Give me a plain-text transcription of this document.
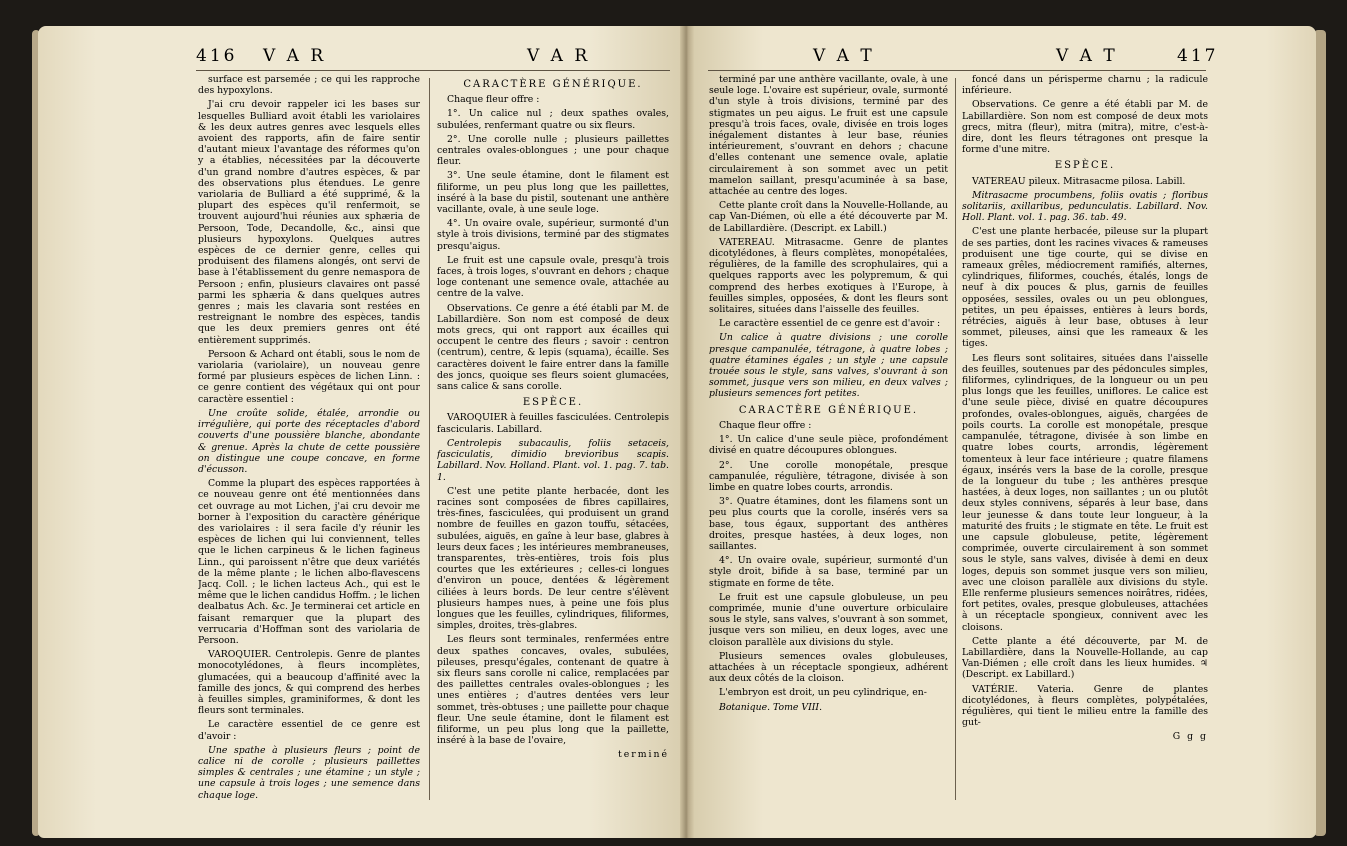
416 V A R	V A R

surface est parsemée ; ce qui les rapproche des hypoxylons.

J'ai cru devoir rappeler ici les bases sur lesquelles Bulliard avoit établi les variolaires & les deux autres genres avec lesquels elles avoient des rapports, afin de faire sentir d'autant mieux l'avantage des réformes qu'on y a établies, nécessitées par la découverte d'un grand nombre d'autres espèces, & par des observations plus étendues. Le genre variolaria de Bulliard a été supprimé, & la plupart des espèces qu'il renfermoit, se trouvent aujourd'hui réunies aux sphæria de Persoon, Tode, Decandolle, &c., ainsi que plusieurs hypoxylons. Quelques autres espèces de ce dernier genre, celles qui produisent des filamens alongés, ont servi de base à l'établissement du genre nemaspora de Persoon ; enfin, plusieurs clavaires ont passé parmi les sphæria & dans quelques autres genres ; mais les clavaria sont restées en restreignant le nombre des espèces, tandis que les deux premiers genres ont été entièrement supprimés.

Persoon & Achard ont établi, sous le nom de variolaria (variolaire), un nouveau genre formé par plusieurs espèces de lichen Linn. : ce genre contient des végétaux qui ont pour caractère essentiel :

Une croûte solide, étalée, arrondie ou irrégulière, qui porte des réceptacles d'abord couverts d'une poussière blanche, abondante & grenue. Après la chute de cette poussière on distingue une coupe concave, en forme d'écusson.

Comme la plupart des espèces rapportées à ce nouveau genre ont été mentionnées dans cet ouvrage au mot Lichen, j'ai cru devoir me borner à l'exposition du caractère générique des variolaires : il sera facile d'y réunir les espèces de lichen qui lui conviennent, telles que le lichen carpineus & le lichen fagineus Linn., qui paroissent n'être que deux variétés de la même plante ; le lichen albo-flavescens Jacq. Coll. ; le lichen lacteus Ach., qui est le même que le lichen candidus Hoffm. ; le lichen dealbatus Ach. &c. Je terminerai cet article en faisant remarquer que la plupart des verrucaria d'Hoffman sont des variolaria de Persoon.

VAROQUIER. Centrolepis. Genre de plantes monocotylédones, à fleurs incomplètes, glumacées, qui a beaucoup d'affinité avec la famille des joncs, & qui comprend des herbes à feuilles simples, graminiformes, & dont les fleurs sont terminales.

Le caractère essentiel de ce genre est d'avoir :

Une spathe à plusieurs fleurs ; point de calice ni de corolle ; plusieurs paillettes simples & centrales ; une étamine ; un style ; une capsule à trois loges ; une semence dans chaque loge.

CARACTÈRE GÉNÉRIQUE.

Chaque fleur offre :

1°. Un calice nul ; deux spathes ovales, subulées, renfermant quatre ou six fleurs.

2°. Une corolle nulle ; plusieurs paillettes centrales ovales-oblongues ; une pour chaque fleur.

3°. Une seule étamine, dont le filament est filiforme, un peu plus long que les paillettes, inséré à la base du pistil, soutenant une anthère vacillante, ovale, à une seule loge.

4°. Un ovaire ovale, supérieur, surmonté d'un style à trois divisions, terminé par des stigmates presqu'aigus.

Le fruit est une capsule ovale, presqu'à trois faces, à trois loges, s'ouvrant en dehors ; chaque loge contenant une semence ovale, attachée au centre de la valve.

Observations. Ce genre a été établi par M. de Labillardière. Son nom est composé de deux mots grecs, qui ont rapport aux écailles qui occupent le centre des fleurs ; savoir : centron (centrum), centre, & lepis (squama), écaille. Ses caractères doivent le faire entrer dans la famille des joncs, quoique ses fleurs soient glumacées, sans calice & sans corolle.

ESPÈCE.

VAROQUIER à feuilles fasciculées. Centrolepis fascicularis. Labillard.

Centrolepis subacaulis, foliis setaceis, fasciculatis, dimidio brevioribus scapis. Labillard. Nov. Holland. Plant. vol. 1. pag. 7. tab. 1.

C'est une petite plante herbacée, dont les racines sont composées de fibres capillaires, très-fines, fasciculées, qui produisent un grand nombre de feuilles en gazon touffu, sétacées, subulées, aiguës, en gaîne à leur base, glabres à leurs deux faces ; les intérieures membraneuses, transparentes, très-entières, trois fois plus courtes que les extérieures ; celles-ci longues d'environ un pouce, dentées & légèrement ciliées à leurs bords. De leur centre s'élèvent plusieurs hampes nues, à peine une fois plus longues que les feuilles, cylindriques, filiformes, simples, droites, très-glabres.

Les fleurs sont terminales, renfermées entre deux spathes concaves, ovales, subulées, pileuses, presqu'égales, contenant de quatre à six fleurs sans corolle ni calice, remplacées par des paillettes centrales ovales-oblongues ; les unes entières ; d'autres dentées vers leur sommet, très-obtuses ; une paillette pour chaque fleur. Une seule étamine, dont le filament est filiforme, un peu plus long que la paillette, inséré à la base de l'ovaire,

terminé

V A T	V A T	417

terminé par une anthère vacillante, ovale, à une seule loge. L'ovaire est supérieur, ovale, surmonté d'un style à trois divisions, terminé par des stigmates un peu aigus. Le fruit est une capsule presqu'à trois faces, ovale, divisée en trois loges inégalement distantes à leur base, réunies intérieurement, s'ouvrant en dehors ; chacune d'elles contenant une semence ovale, aplatie circulairement à son sommet avec un petit mamelon saillant, presqu'acuminée à sa base, attachée au centre des loges.

Cette plante croît dans la Nouvelle-Hollande, au cap Van-Diémen, où elle a été découverte par M. de Labillardière. (Descript. ex Labill.)

VATEREAU. Mitrasacme. Genre de plantes dicotylédones, à fleurs complètes, monopétalées, régulières, de la famille des scrophulaires, qui a quelques rapports avec les polypremum, & qui comprend des herbes exotiques à l'Europe, à feuilles simples, opposées, & dont les fleurs sont solitaires, situées dans l'aisselle des feuilles.

Le caractère essentiel de ce genre est d'avoir :

Un calice à quatre divisions ; une corolle presque campanulée, tétragone, à quatre lobes ; quatre étamines égales ; un style ; une capsule trouée sous le style, sans valves, s'ouvrant à son sommet, jusque vers son milieu, en deux valves ; plusieurs semences fort petites.

CARACTÈRE GÉNÉRIQUE.

Chaque fleur offre :

1°. Un calice d'une seule pièce, profondément divisé en quatre découpures oblongues.

2°. Une corolle monopétale, presque campanulée, régulière, tétragone, divisée à son limbe en quatre lobes courts, arrondis.

3°. Quatre étamines, dont les filamens sont un peu plus courts que la corolle, insérés vers sa base, tous égaux, supportant des anthères droites, presque hastées, à deux loges, non saillantes.

4°. Un ovaire ovale, supérieur, surmonté d'un style droit, bifide à sa base, terminé par un stigmate en forme de tête.

Le fruit est une capsule globuleuse, un peu comprimée, munie d'une ouverture orbiculaire sous le style, sans valves, s'ouvrant à son sommet, jusque vers son milieu, en deux loges, avec une cloison parallèle aux divisions du style.

Plusieurs semences ovales globuleuses, attachées à un réceptacle spongieux, adhérent aux deux côtés de la cloison.

L'embryon est droit, un peu cylindrique, en-

Botanique. Tome VIII.

foncé dans un périsperme charnu ; la radicule inférieure.

Observations. Ce genre a été établi par M. de Labillardière. Son nom est composé de deux mots grecs, mitra (fleur), mitra (mitra), mitre, c'est-à-dire, dont les fleurs tétragones ont presque la forme d'une mitre.

ESPÈCE.

VATEREAU pileux. Mitrasacme pilosa. Labill.

Mitrasacme procumbens, foliis ovatis ; floribus solitariis, axillaribus, pedunculatis. Labillard. Nov. Holl. Plant. vol. 1. pag. 36. tab. 49.

C'est une plante herbacée, pileuse sur la plupart de ses parties, dont les racines vivaces & rameuses produisent une tige courte, qui se divise en rameaux grêles, médiocrement ramifiés, alternes, cylindriques, filiformes, couchés, étalés, longs de neuf à dix pouces & plus, garnis de feuilles opposées, sessiles, ovales ou un peu oblongues, petites, un peu épaisses, entières à leurs bords, rétrécies, aiguës à leur base, obtuses à leur sommet, pileuses, ainsi que les rameaux & les tiges.

Les fleurs sont solitaires, situées dans l'aisselle des feuilles, soutenues par des pédoncules simples, filiformes, cylindriques, de la longueur ou un peu plus longs que les feuilles, uniflores. Le calice est d'une seule pièce, divisé en quatre découpures profondes, ovales-oblongues, aiguës, chargées de poils courts. La corolle est monopétale, presque campanulée, tétragone, divisée à son limbe en quatre lobes courts, arrondis, légèrement tomenteux à leur face intérieure ; quatre filamens égaux, insérés vers la base de la corolle, presque de la longueur du tube ; les anthères presque hastées, à deux loges, non saillantes ; un ou plutôt deux styles connivens, séparés à leur base, dans leur jeunesse & dans toute leur longueur, à la maturité des fruits ; le stigmate en tête. Le fruit est une capsule globuleuse, petite, légèrement comprimée, ouverte circulairement à son sommet sous le style, sans valves, divisée à demi en deux loges, depuis son sommet jusque vers son milieu, avec une cloison parallèle aux divisions du style. Elle renferme plusieurs semences noirâtres, ridées, fort petites, ovales, presque globuleuses, attachées à un réceptacle spongieux, connivent avec les cloisons.

Cette plante a été découverte, par M. de Labillardière, dans la Nouvelle-Hollande, au cap Van-Diémen ; elle croît dans les lieux humides. ♃ (Descript. ex Labillard.)

VATÉRIE. Vateria. Genre de plantes dicotylédones, à fleurs complètes, polypétalées, régulières, qui tient le milieu entre la famille des gut-

G g g
